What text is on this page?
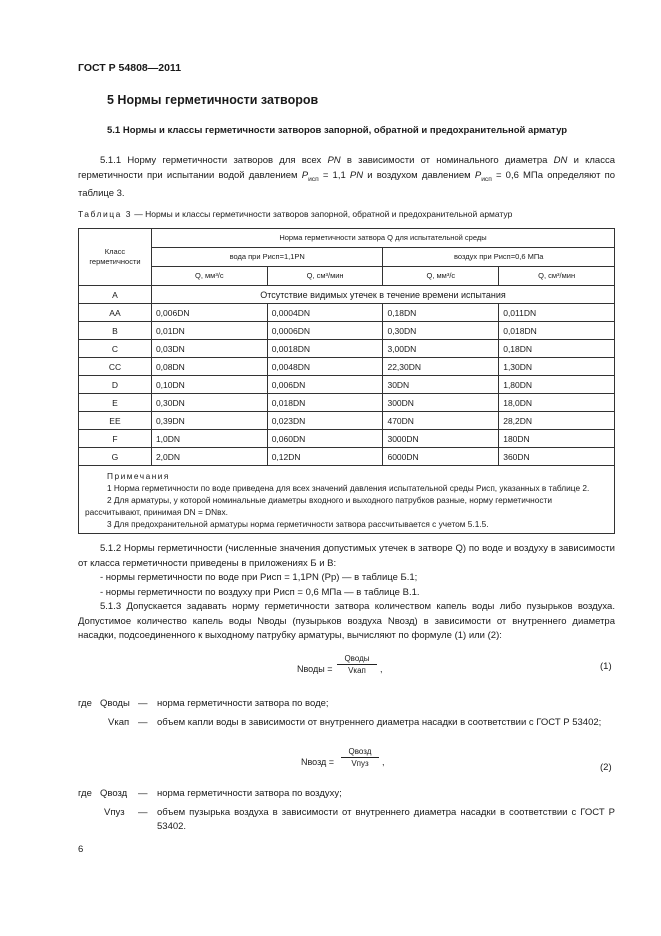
ГОСТ Р 54808—2011
5 Нормы герметичности затворов
5.1 Нормы и классы герметичности затворов запорной, обратной и предохранительной арматур
5.1.1 Норму герметичности затворов для всех PN в зависимости от номинального диаметра DN и класса герметичности при испытании водой давлением $P_{исп} = 1,1$ PN и воздухом давлением $P_{исп} = 0,6$ МПа определяют по таблице 3.
Таблица 3 — Нормы и классы герметичности затворов запорной, обратной и предохранительной арматур
Класс герметичности	Норма герметичности затвора Q для испытательной среды			
	вода при Pисп=1,1PN		воздух при Pисп=0,6 МПа	
	Q, мм³/с	Q, см³/мин	Q, мм³/с	Q, см³/мин
A	Отсутствие видимых утечек в течение времени испытания			
AA	0,006DN	0,0004DN	0,18DN	0,011DN
B	0,01DN	0,0006DN	0,30DN	0,018DN
C	0,03DN	0,0018DN	3,00DN	0,18DN
CC	0,08DN	0,0048DN	22,30DN	1,30DN
D	0,10DN	0,006DN	30DN	1,80DN
E	0,30DN	0,018DN	300DN	18,0DN
EE	0,39DN	0,023DN	470DN	28,2DN
F	1,0DN	0,060DN	3000DN	180DN
G	2,0DN	0,12DN	6000DN	360DN

Примечания
1 Норма герметичности по воде приведена для всех значений давления испытательной среды Pисп, указанных в таблице 2.
2 Для арматуры, у которой номинальные диаметры входного и выходного патрубков разные, норму герметичности рассчитывают, принимая DN = DNвх.
3 Для предохранительной арматуры норма герметичности затвора рассчитывается с учетом 5.1.5.				
5.1.2 Нормы герметичности (численные значения допустимых утечек в затворе Q) по воде и воздуху в зависимости от класса герметичности приведены в приложениях Б и В:
- нормы герметичности по воде при Pисп = 1,1PN (Pр) — в таблице Б.1;
- нормы герметичности по воздуху при Pисп = 0,6 МПа — в таблице В.1.
5.1.3 Допускается задавать норму герметичности затвора количеством капель воды либо пузырьков воздуха. Допустимое количество капель воды Nводы (пузырьков воздуха Nвозд) в зависимости от внутреннего диаметра насадки, подсоединенного к выходному патрубку арматуры, вычисляют по формуле (1) или (2):
Nводы =
Qводы
Vкап	,	(1)
где Qводы — норма герметичности затвора по воде;
Vкап — объем капли воды в зависимости от внутреннего диаметра насадки в соответствии с ГОСТ Р 53402;
Nвозд =
Qвозд
Vпуз	,	(2)
где Qвозд — норма герметичности затвора по воздуху;
Vпуз — объем пузырька воздуха в зависимости от внутреннего диаметра насадки в соответствии с ГОСТ Р 53402.
6
